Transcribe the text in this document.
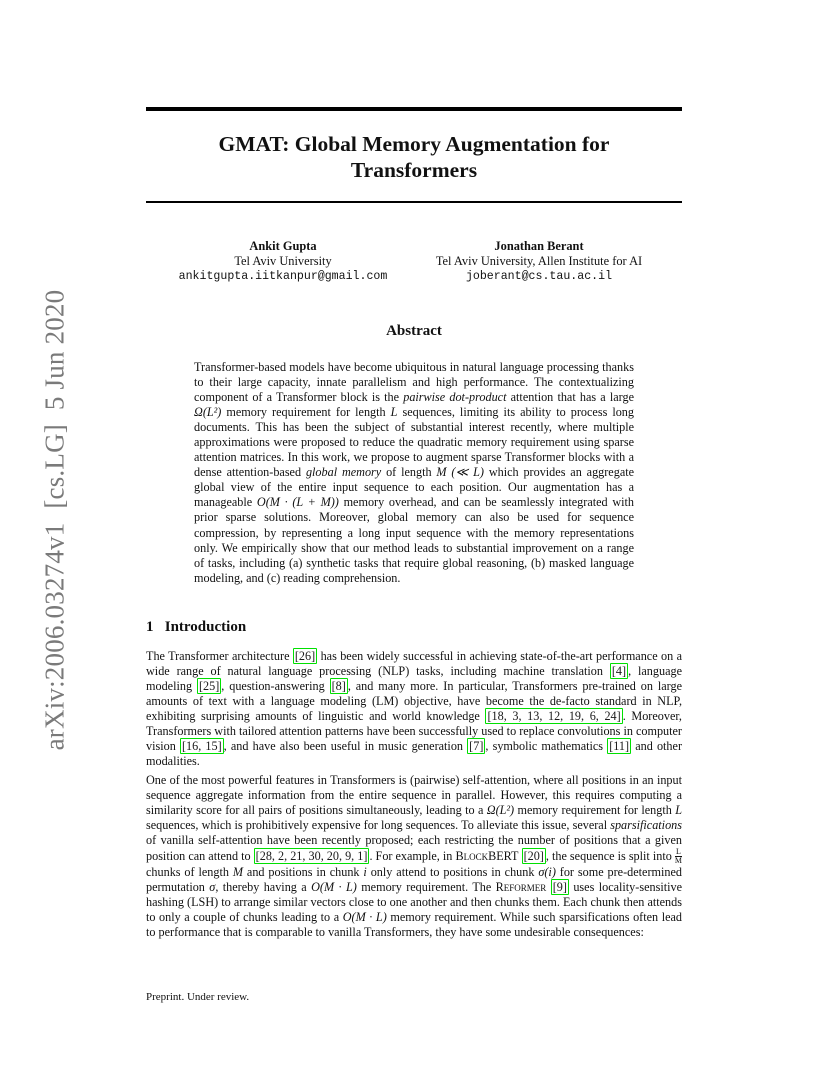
GMAT: Global Memory Augmentation for
Transformers
Ankit Gupta
Tel Aviv University
ankitgupta.iitkanpur@gmail.com
Jonathan Berant
Tel Aviv University, Allen Institute for AI
joberant@cs.tau.ac.il
arXiv:2006.03274v1  [cs.LG]  5 Jun 2020	Abstract

Transformer-based models have become ubiquitous in natural language processing thanks to their large capacity, innate parallelism and high performance. The contextualizing component of a Transformer block is the pairwise dot-product attention that has a large Ω(L²) memory requirement for length L sequences, limiting its ability to process long documents. This has been the subject of substantial interest recently, where multiple approximations were proposed to reduce the quadratic memory requirement using sparse attention matrices. In this work, we propose to augment sparse Transformer blocks with a dense attention-based global memory of length M (≪ L) which provides an aggregate global view of the entire input sequence to each position. Our augmentation has a manageable O(M · (L + M)) memory overhead, and can be seamlessly integrated with prior sparse solutions. Moreover, global memory can also be used for sequence compression, by representing a long input sequence with the memory representations only. We empirically show that our method leads to substantial improvement on a range of tasks, including (a) synthetic tasks that require global reasoning, (b) masked language modeling, and (c) reading comprehension.

1 Introduction

The Transformer architecture [26] has been widely successful in achieving state-of-the-art performance on a wide range of natural language processing (NLP) tasks, including machine translation [4] , language modeling [25] , question-answering [8] , and many more. In particular, Transformers pre-trained on large amounts of text with a language modeling (LM) objective, have become the de-facto standard in NLP, exhibiting surprising amounts of linguistic and world knowledge [18, 3, 13, 12, 19, 6, 24] . Moreover, Transformers with tailored attention patterns have been successfully used to replace convolutions in computer vision [16, 15] , and have also been useful in music generation [7] , symbolic mathematics [11] and other modalities.

One of the most powerful features in Transformers is (pairwise) self-attention, where all positions in an input sequence aggregate information from the entire sequence in parallel. However, this requires computing a similarity score for all pairs of positions simultaneously, leading to a Ω(L²) memory requirement for length L sequences, which is prohibitively expensive for long sequences. To alleviate this issue, several sparsifications of vanilla self-attention have been recently proposed; each restricting the number of positions that a given position can attend to [28, 2, 21, 30, 20, 9, 1] . For example, in BlockBERT [20] , the sequence is split into $\frac{L}{M}$
chunks of length M and positions in chunk i only attend to positions in chunk σ(i) for some pre-determined permutation σ, thereby having a O(M · L) memory requirement. The Reformer [9] uses locality-sensitive hashing (LSH) to arrange similar vectors close to one another and then chunks them. Each chunk then attends to only a couple of chunks leading to a O(M · L) memory requirement. While such sparsifications often lead to performance that is comparable to vanilla Transformers, they have some undesirable consequences:

Preprint. Under review.
